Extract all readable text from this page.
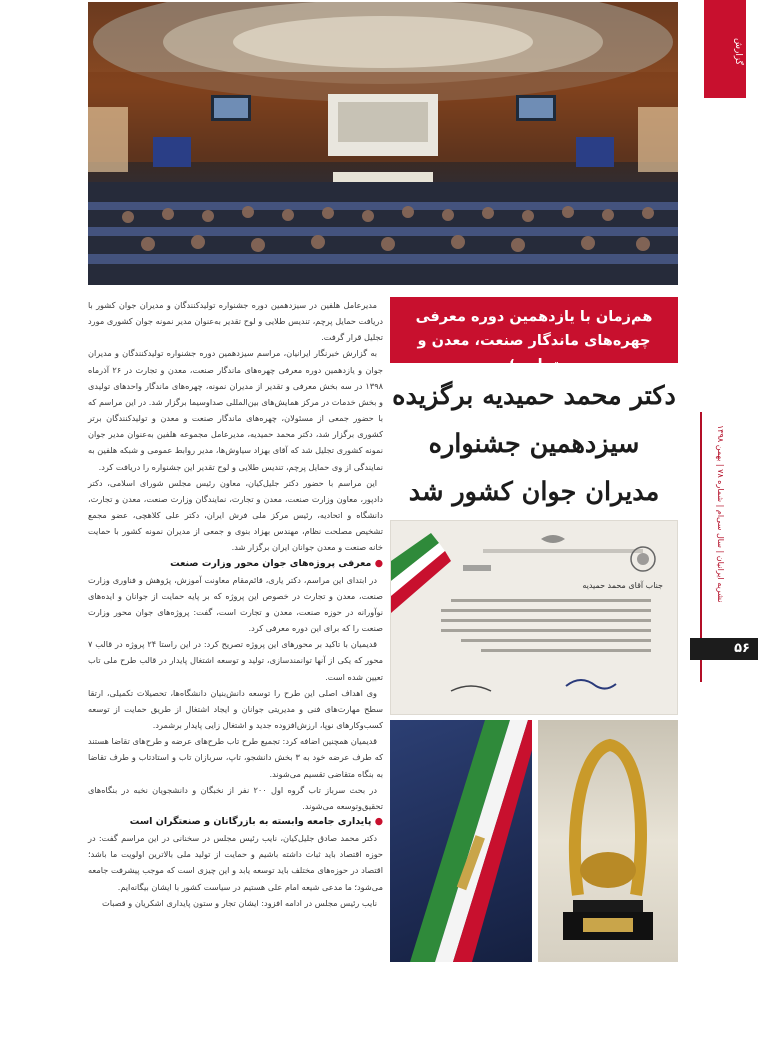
گزارش
نشریه ایرانیان | سال سی‌ام | شماره ۷۸ | بهمن ۱۳۹۸
۵۶
هم‌زمان با یازدهمین دوره معرفی
چهره‌های ماندگار صنعت، معدن و تجارت؛
دکتر محمد حمیدیه برگزیده
سیزدهمین جشنواره
مدیران جوان کشور شد
جناب آقای محمد حمیدیه

مدیرعامل هلفین در سیزدهمین دوره جشنواره تولیدکنندگان و مدیران جوان کشور با دریافت حمایل پرچم، تندیس طلایی و لوح تقدیر به‌عنوان مدیر نمونه جوان کشوری مورد تجلیل قرار گرفت.

به گزارش خبرنگار ایرانیان، مراسم سیزدهمین دوره جشنواره تولیدکنندگان و مدیران جوان و یازدهمین دوره معرفی چهره‌های ماندگار صنعت، معدن و تجارت در ۲۶ آذرماه ۱۳۹۸ در سه بخش معرفی و تقدیر از مدیران نمونه، چهره‌های ماندگار واحدهای تولیدی و بخش خدمات در مرکز همایش‌های بین‌المللی صداوسیما برگزار شد. در این مراسم که با حضور جمعی از مسئولان، چهره‌های ماندگار صنعت و معدن و تولیدکنندگان برتر کشوری برگزار شد، دکتر محمد حمیدیه، مدیرعامل مجموعه هلفین به‌عنوان مدیر جوان نمونه کشوری تجلیل شد که آقای بهزاد سیاوش‌ها، مدیر روابط عمومی و شبکه هلفین به نمایندگی از وی حمایل پرچم، تندیس طلایی و لوح تقدیر این جشنواره را دریافت کرد.

این مراسم با حضور دکتر جلیل‌کیان، معاون رئیس مجلس شورای اسلامی، دکتر دادپور، معاون وزارت صنعت، معدن و تجارت، نمایندگان وزارت صنعت، معدن و تجارت، دانشگاه و اتحادیه، رئیس مرکز ملی فرش ایران، دکتر علی کلاهچی، عضو مجمع تشخیص مصلحت نظام، مهندس بهزاد بنوی و جمعی از مدیران نمونه کشور با حمایت خانه صنعت و معدن جوانان ایران برگزار شد.

● معرفی پروژه‌های جوان محور وزارت صنعت

در ابتدای این مراسم، دکتر یاری، قائم‌مقام معاونت آموزش، پژوهش و فناوری وزارت صنعت، معدن و تجارت در خصوص این پروژه که بر پایه حمایت از جوانان و ایده‌های نوآورانه در حوزه صنعت، معدن و تجارت است، گفت: پروژه‌های جوان محور وزارت صنعت را که برای این دوره معرفی کرد.

قدیمیان با تاکید بر محورهای این پروژه تصریح کرد: در این راستا ۲۴ پروژه در قالب ۷ محور که یکی از آنها توانمندسازی، تولید و توسعه اشتغال پایدار در قالب طرح ملی تاب تعیین شده است.

وی اهداف اصلی این طرح را توسعه دانش‌بنیان دانشگاه‌ها، تحصیلات تکمیلی، ارتقا سطح مهارت‌های فنی و مدیریتی جوانان و ایجاد اشتغال از طریق حمایت از توسعه کسب‌وکارهای نوپا، ارزش‌افزوده جدید و اشتغال زایی پایدار برشمرد.

قدیمیان همچنین اضافه کرد: تجمیع طرح تاب طرح‌های عرضه و طرح‌های تقاضا هستند که طرف عرضه خود به ۳ بخش دانشجو، تاپ، سربازان تاب و استادتاب و طرف تقاضا به بنگاه متقاضی تقسیم می‌شوند.

در بحث سرباز تاب گروه اول ۲۰۰ نفر از نخبگان و دانشجویان نخبه در بنگاه‌های تحقیق‌وتوسعه می‌شوند.

● پایداری جامعه وابسته به بازرگانان و صنعتگران است

دکتر محمد صادق جلیل‌کیان، نایب رئیس مجلس در سخنانی در این مراسم گفت: در حوزه اقتصاد باید ثبات داشته باشیم و حمایت از تولید ملی بالاترین اولویت ما باشد؛ اقتصاد در حوزه‌های مختلف باید توسعه یابد و این چیزی است که موجب پیشرفت جامعه می‌شود؛ ما مدعی شیعه امام علی هستیم در سیاست کشور با ایشان بیگانه‌ایم.

نایب رئیس مجلس در ادامه افزود: ایشان تجار و ستون پایداری اشکریان و قصبات
